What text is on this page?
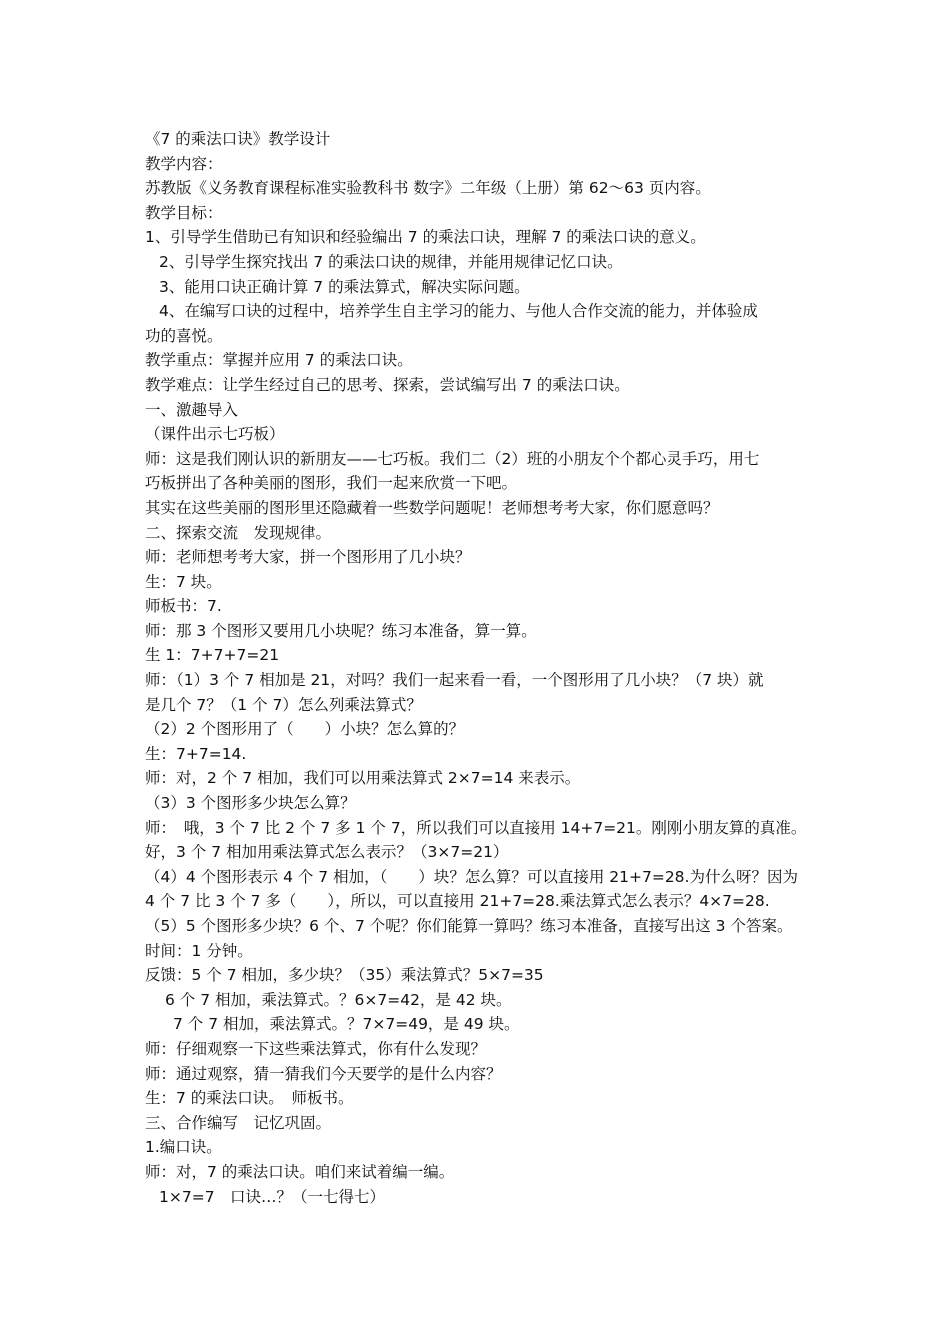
《7 的乘法口诀》教学设计
教学内容：
苏教版《义务教育课程标准实验教科书 数字》二年级（上册）第 62～63 页内容。
教学目标：
1、引导学生借助已有知识和经验编出 7 的乘法口诀，理解 7 的乘法口诀的意义。
2、引导学生探究找出 7 的乘法口诀的规律，并能用规律记忆口诀。
3、能用口诀正确计算 7 的乘法算式，解决实际问题。
4、在编写口诀的过程中，培养学生自主学习的能力、与他人合作交流的能力，并体验成
功的喜悦。
教学重点：掌握并应用 7 的乘法口诀。
教学难点：让学生经过自己的思考、探索，尝试编写出 7 的乘法口诀。
一、激趣导入
（课件出示七巧板）
师：这是我们刚认识的新朋友——七巧板。我们二（2）班的小朋友个个都心灵手巧，用七
巧板拼出了各种美丽的图形，我们一起来欣赏一下吧。
其实在这些美丽的图形里还隐藏着一些数学问题呢！老师想考考大家，你们愿意吗？
二、探索交流　发现规律。
师：老师想考考大家，拼一个图形用了几小块？
生：7 块。
师板书：7.
师：那 3 个图形又要用几小块呢？练习本准备，算一算。
生 1：7+7+7=21
师：（1）3 个 7 相加是 21，对吗？我们一起来看一看，一个图形用了几小块？（7 块）就
是几个 7？（1 个 7）怎么列乘法算式？
（2）2 个图形用了（　　）小块？怎么算的？
生：7+7=14.
师：对，2 个 7 相加，我们可以用乘法算式 2×7=14 来表示。
（3）3 个图形多少块怎么算？
师：　哦，3 个 7 比 2 个 7 多 1 个 7，所以我们可以直接用 14+7=21。刚刚小朋友算的真准。
好，3 个 7 相加用乘法算式怎么表示？（3×7=21）
（4）4 个图形表示 4 个 7 相加，（　　）块？怎么算？可以直接用 21+7=28.为什么呀？因为
4 个 7 比 3 个 7 多（　　），所以，可以直接用 21+7=28.乘法算式怎么表示？4×7=28.
（5）5 个图形多少块？6 个、7 个呢？你们能算一算吗？练习本准备，直接写出这 3 个答案。
时间：1 分钟。
反馈：5 个 7 相加，多少块？（35）乘法算式？5×7=35
6 个 7 相加，乘法算式。？6×7=42，是 42 块。
7 个 7 相加，乘法算式。？7×7=49，是 49 块。
师：仔细观察一下这些乘法算式，你有什么发现？
师：通过观察，猜一猜我们今天要学的是什么内容？
生：7 的乘法口诀。　师板书。
三、合作编写　记忆巩固。
1.编口诀。
师：对，7 的乘法口诀。咱们来试着编一编。
1×7=7　口诀…？（一七得七）
